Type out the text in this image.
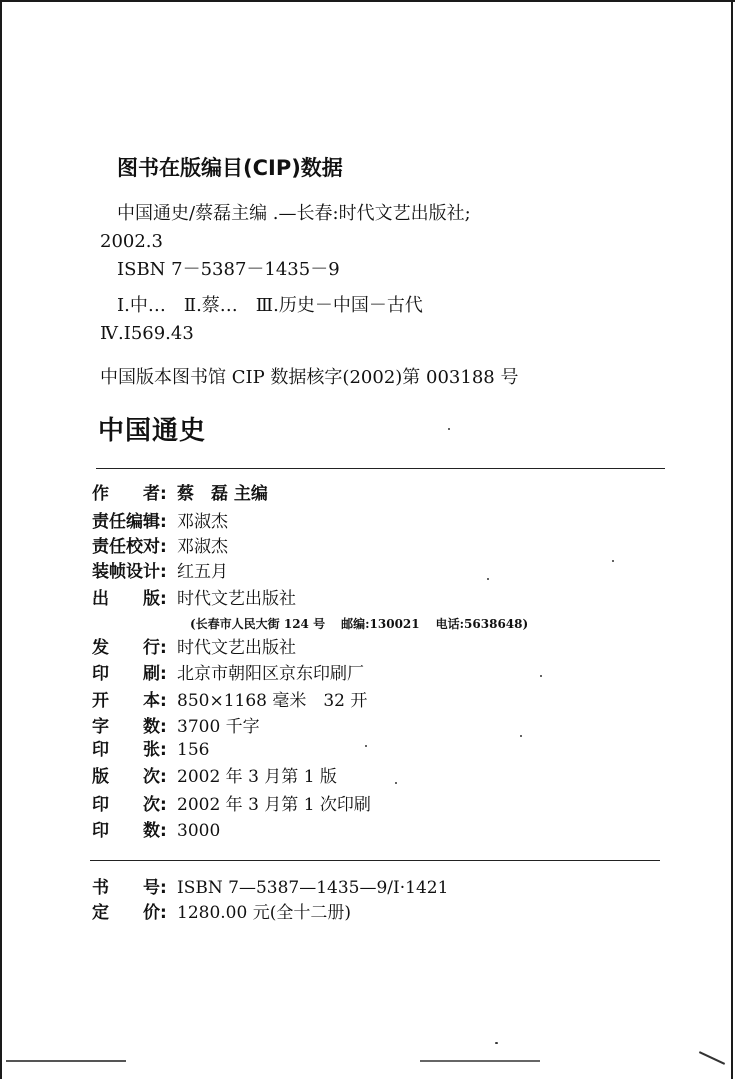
图书在版编目(CIP)数据
中国通史/蔡磊主编 .—长春:时代文艺出版社;
2002.3
ISBN 7－5387－1435－9
Ⅰ.中…　Ⅱ.蔡…　Ⅲ.历史－中国－古代
Ⅳ.I569.43
中国版本图书馆 CIP 数据核字(2002)第 003188 号
中国通史
作　　者: 蔡　磊 主编
责任编辑: 邓淑杰
责任校对: 邓淑杰
装帧设计: 红五月
出　　版: 时代文艺出版社
(长春市人民大街 124 号 邮编:130021 电话:5638648)
发　　行: 时代文艺出版社
印　　刷: 北京市朝阳区京东印刷厂
开　　本: 850×1168 毫米　32 开
字　　数: 3700 千字
印　　张: 156
版　　次: 2002 年 3 月第 1 版
印　　次: 2002 年 3 月第 1 次印刷
印　　数: 3000
书　　号: ISBN 7—5387—1435—9/I·1421
定　　价: 1280.00 元(全十二册)
